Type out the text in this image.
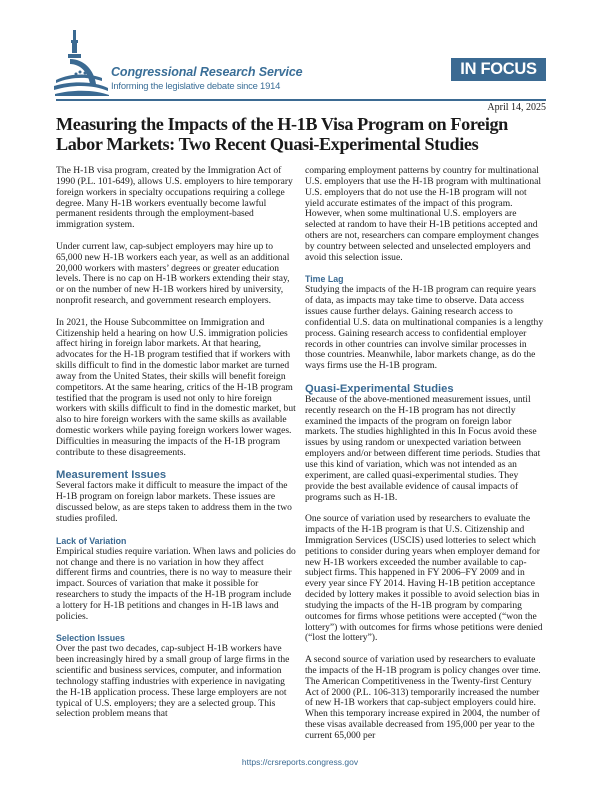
Congressional Research Service
Informing the legislative debate since 1914
IN FOCUS
April 14, 2025
Measuring the Impacts of the H-1B Visa Program on Foreign Labor Markets: Two Recent Quasi-Experimental Studies

The H-1B visa program, created by the Immigration Act of 1990 (P.L. 101-649), allows U.S. employers to hire temporary foreign workers in specialty occupations requiring a college degree. Many H-1B workers eventually become lawful permanent residents through the employment-based immigration system.

Under current law, cap-subject employers may hire up to 65,000 new H-1B workers each year, as well as an additional 20,000 workers with masters’ degrees or greater education levels. There is no cap on H-1B workers extending their stay, or on the number of new H-1B workers hired by university, nonprofit research, and government research employers.

In 2021, the House Subcommittee on Immigration and Citizenship held a hearing on how U.S. immigration policies affect hiring in foreign labor markets. At that hearing, advocates for the H-1B program testified that if workers with skills difficult to find in the domestic labor market are turned away from the United States, their skills will benefit foreign competitors. At the same hearing, critics of the H-1B program testified that the program is used not only to hire foreign workers with skills difficult to find in the domestic market, but also to hire foreign workers with the same skills as available domestic workers while paying foreign workers lower wages. Difficulties in measuring the impacts of the H-1B program contribute to these disagreements.

Measurement Issues

Several factors make it difficult to measure the impact of the H-1B program on foreign labor markets. These issues are discussed below, as are steps taken to address them in the two studies profiled.

Lack of Variation

Empirical studies require variation. When laws and policies do not change and there is no variation in how they affect different firms and countries, there is no way to measure their impact. Sources of variation that make it possible for researchers to study the impacts of the H-1B program include a lottery for H-1B petitions and changes in H-1B laws and policies.

Selection Issues

Over the past two decades, cap-subject H-1B workers have been increasingly hired by a small group of large firms in the scientific and business services, computer, and information technology staffing industries with experience in navigating the H-1B application process. These large employers are not typical of U.S. employers; they are a selected group. This selection problem means that

comparing employment patterns by country for multinational U.S. employers that use the H-1B program with multinational U.S. employers that do not use the H-1B program will not yield accurate estimates of the impact of this program. However, when some multinational U.S. employers are selected at random to have their H-1B petitions accepted and others are not, researchers can compare employment changes by country between selected and unselected employers and avoid this selection issue.

Time Lag

Studying the impacts of the H-1B program can require years of data, as impacts may take time to observe. Data access issues cause further delays. Gaining research access to confidential U.S. data on multinational companies is a lengthy process. Gaining research access to confidential employer records in other countries can involve similar processes in those countries. Meanwhile, labor markets change, as do the ways firms use the H-1B program.

Quasi-Experimental Studies

Because of the above-mentioned measurement issues, until recently research on the H-1B program has not directly examined the impacts of the program on foreign labor markets. The studies highlighted in this In Focus avoid these issues by using random or unexpected variation between employers and/or between different time periods. Studies that use this kind of variation, which was not intended as an experiment, are called quasi-experimental studies. They provide the best available evidence of causal impacts of programs such as H-1B.

One source of variation used by researchers to evaluate the impacts of the H-1B program is that U.S. Citizenship and Immigration Services (USCIS) used lotteries to select which petitions to consider during years when employer demand for new H-1B workers exceeded the number available to cap-subject firms. This happened in FY 2006–FY 2009 and in every year since FY 2014. Having H-1B petition acceptance decided by lottery makes it possible to avoid selection bias in studying the impacts of the H-1B program by comparing outcomes for firms whose petitions were accepted (“won the lottery”) with outcomes for firms whose petitions were denied (“lost the lottery”).

A second source of variation used by researchers to evaluate the impacts of the H-1B program is policy changes over time. The American Competitiveness in the Twenty-first Century Act of 2000 (P.L. 106-313) temporarily increased the number of new H-1B workers that cap-subject employers could hire. When this temporary increase expired in 2004, the number of these visas available decreased from 195,000 per year to the current 65,000 per

https://crsreports.congress.gov
